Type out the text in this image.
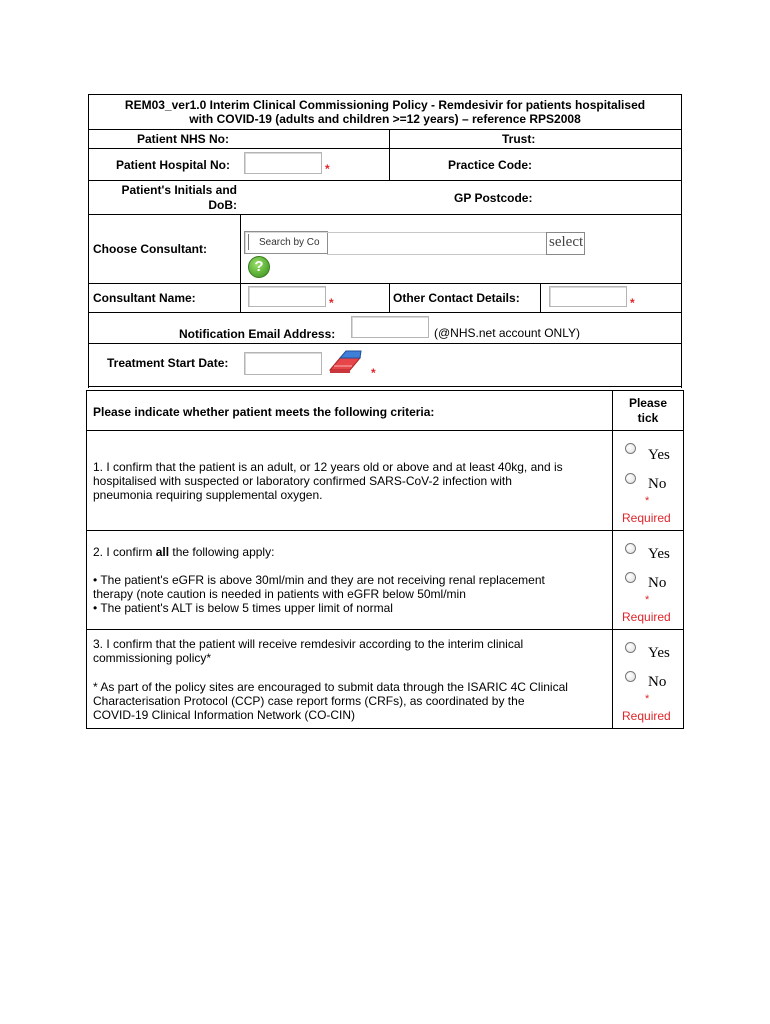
REM03_ver1.0 Interim Clinical Commissioning Policy - Remdesivir for patients hospitalised
with COVID-19 (adults and children >=12 years) – reference RPS2008
Patient NHS No:	Trust:
Patient Hospital No:	*	Practice Code:
Patient's Initials and
DoB:	GP Postcode:
Choose Consultant:	Search by Co	select
?
Consultant Name:	*	Other Contact Details:	*
Notification Email Address:	(@NHS.net account ONLY)
Treatment Start Date:
*
Please indicate whether patient meets the following criteria:
Please
tick
1. I confirm that the patient is an adult, or 12 years old or above and at least 40kg, and is
hospitalised with suspected or laboratory confirmed SARS-CoV-2 infection with
pneumonia requiring supplemental oxygen.
Yes
No
*
Required
2. I confirm all the following apply:
• The patient's eGFR is above 30ml/min and they are not receiving renal replacement
therapy (note caution is needed in patients with eGFR below 50ml/min
• The patient's ALT is below 5 times upper limit of normal
Yes
No
*
Required
3. I confirm that the patient will receive remdesivir according to the interim clinical
commissioning policy*
* As part of the policy sites are encouraged to submit data through the ISARIC 4C Clinical
Characterisation Protocol (CCP) case report forms (CRFs), as coordinated by the
COVID-19 Clinical Information Network (CO-CIN)
Yes
No
*
Required
